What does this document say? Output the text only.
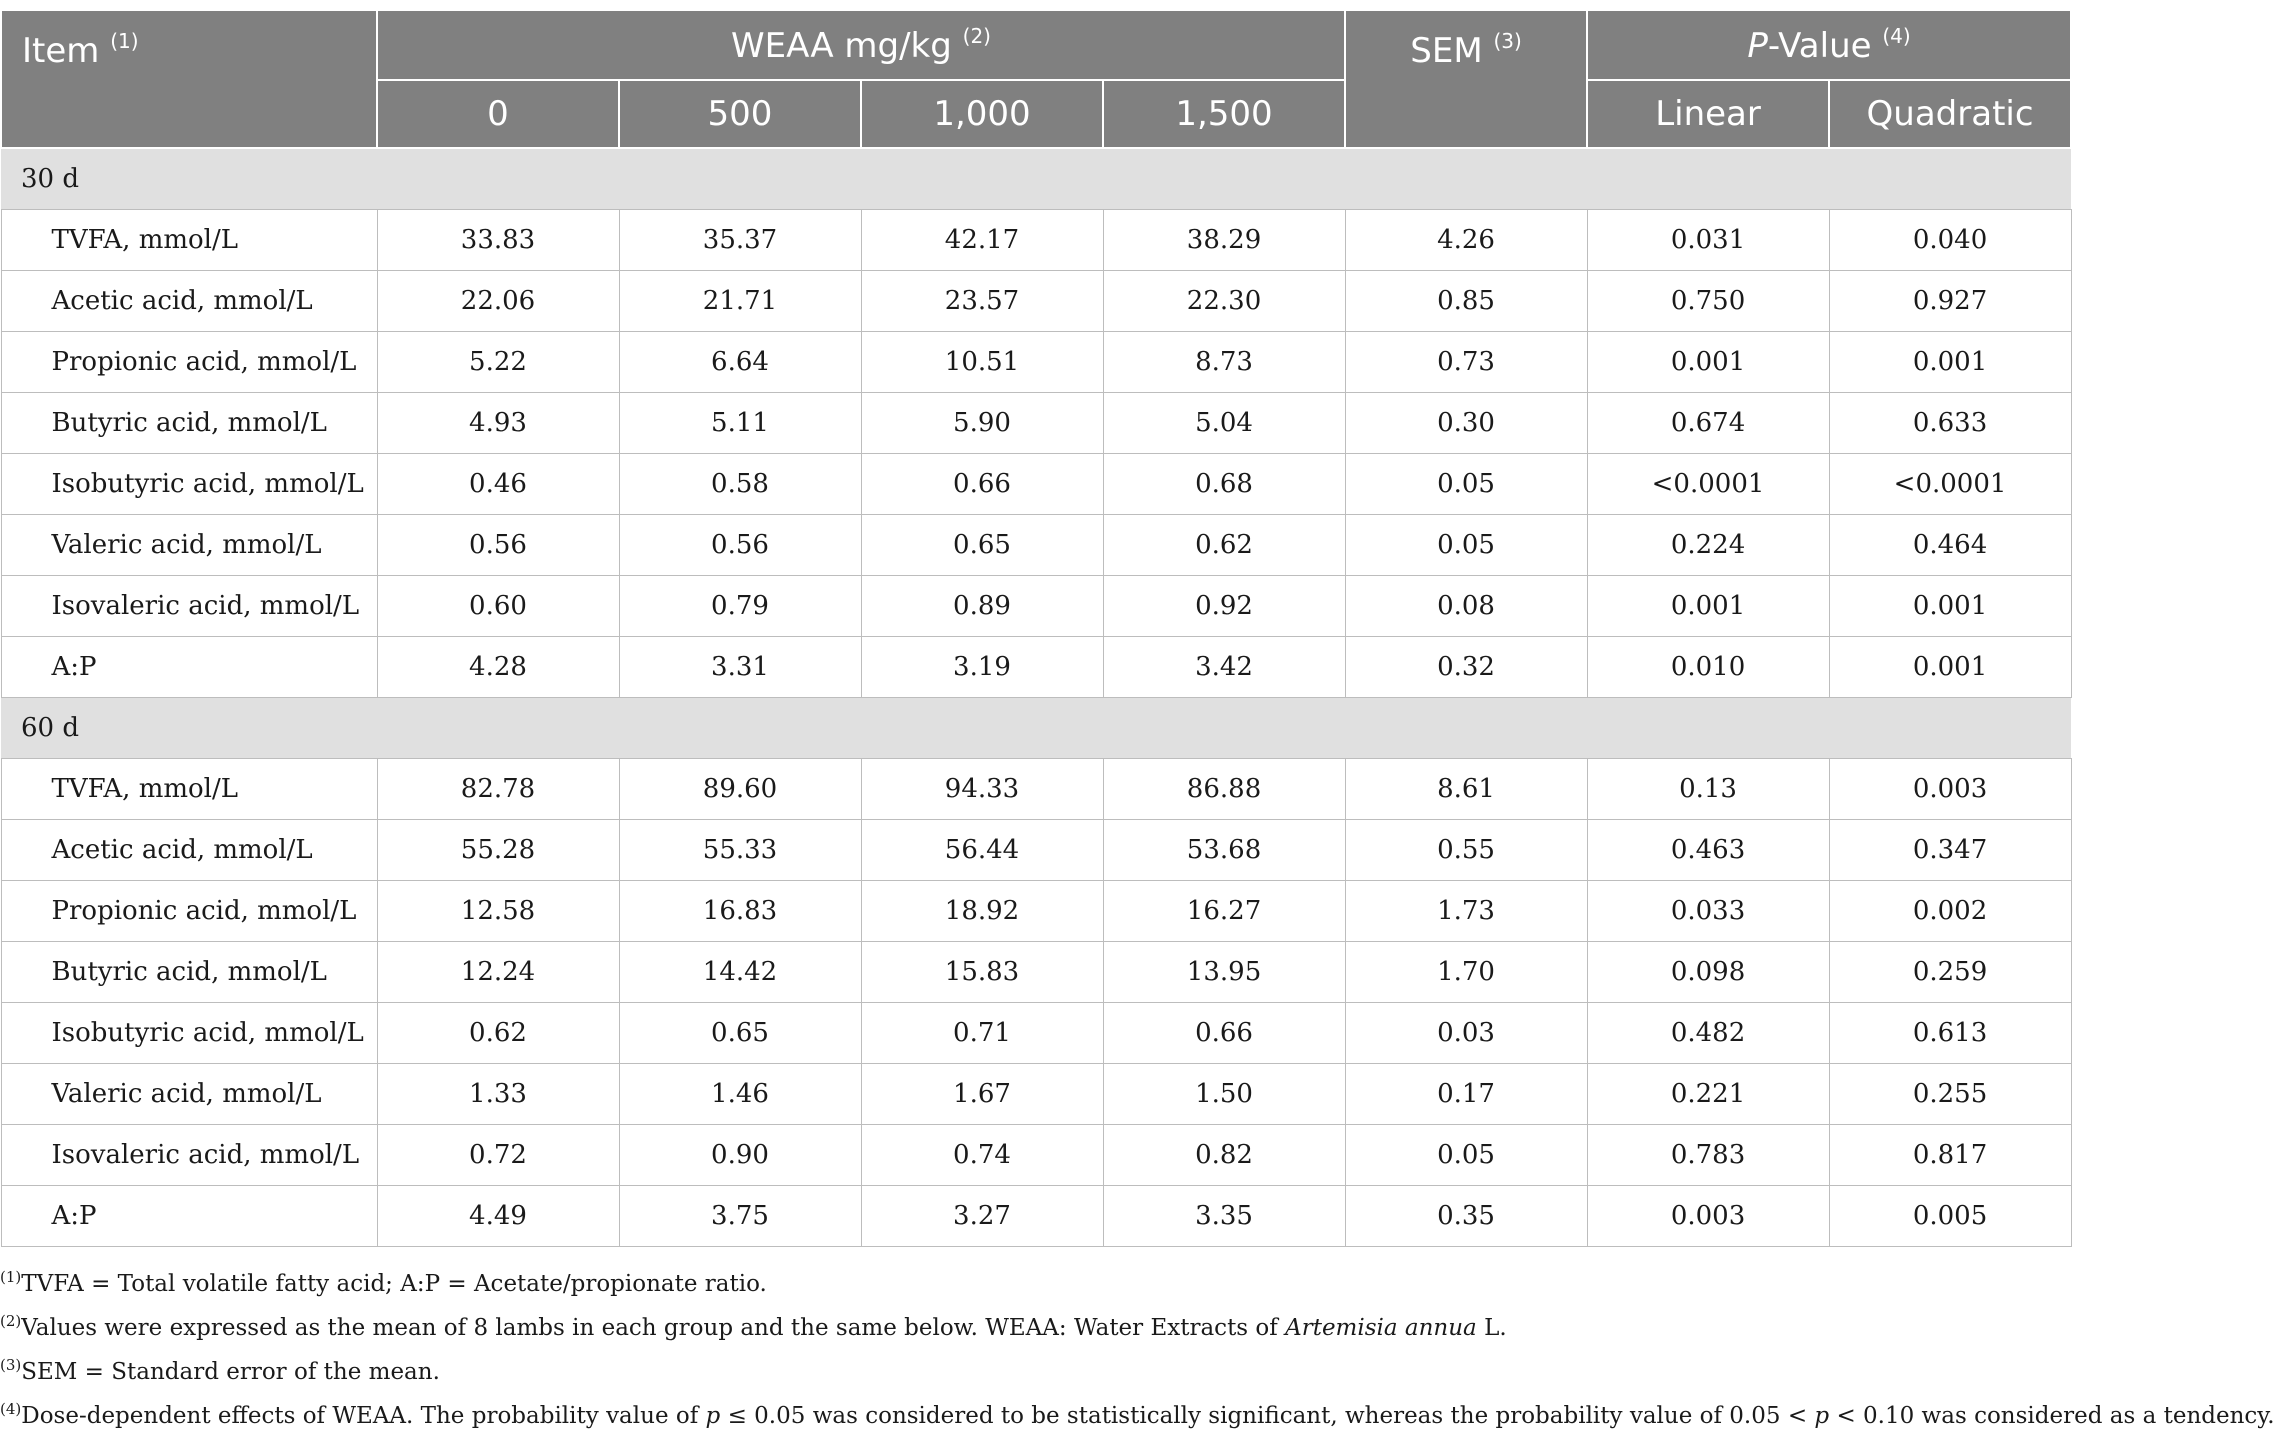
Item $^{(1)}$	WEAA mg/kg $^{(2)}$				SEM $^{(3)}$	P-Value $^{(4)}$
	0	500	1,000	1,500		Linear	Quadratic
30 d							
TVFA, mmol/L	33.83	35.37	42.17	38.29	4.26	0.031	0.040
Acetic acid, mmol/L	22.06	21.71	23.57	22.30	0.85	0.750	0.927
Propionic acid, mmol/L	5.22	6.64	10.51	8.73	0.73	0.001	0.001
Butyric acid, mmol/L	4.93	5.11	5.90	5.04	0.30	0.674	0.633
Isobutyric acid, mmol/L	0.46	0.58	0.66	0.68	0.05	<0.0001	<0.0001
Valeric acid, mmol/L	0.56	0.56	0.65	0.62	0.05	0.224	0.464
Isovaleric acid, mmol/L	0.60	0.79	0.89	0.92	0.08	0.001	0.001
A:P	4.28	3.31	3.19	3.42	0.32	0.010	0.001
60 d							
TVFA, mmol/L	82.78	89.60	94.33	86.88	8.61	0.13	0.003
Acetic acid, mmol/L	55.28	55.33	56.44	53.68	0.55	0.463	0.347
Propionic acid, mmol/L	12.58	16.83	18.92	16.27	1.73	0.033	0.002
Butyric acid, mmol/L	12.24	14.42	15.83	13.95	1.70	0.098	0.259
Isobutyric acid, mmol/L	0.62	0.65	0.71	0.66	0.03	0.482	0.613
Valeric acid, mmol/L	1.33	1.46	1.67	1.50	0.17	0.221	0.255
Isovaleric acid, mmol/L	0.72	0.90	0.74	0.82	0.05	0.783	0.817
A:P	4.49	3.75	3.27	3.35	0.35	0.003	0.005
$^{(1)}$TVFA = Total volatile fatty acid; A:P = Acetate/propionate ratio.
$^{(2)}$Values were expressed as the mean of 8 lambs in each group and the same below. WEAA: Water Extracts of Artemisia annua L.
$^{(3)}$SEM = Standard error of the mean.
$^{(4)}$Dose-dependent effects of WEAA. The probability value of p ≤ 0.05 was considered to be statistically significant, whereas the probability value of 0.05 < p < 0.10 was considered as a tendency.
